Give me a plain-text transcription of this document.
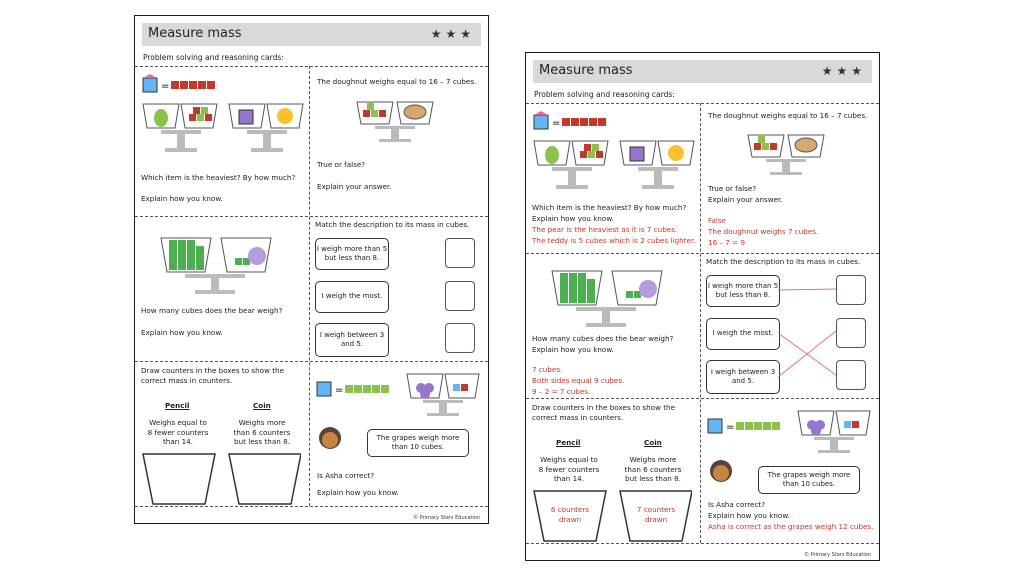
Measure mass	★★★
Problem solving and reasoning cards:
=
Which item is the heaviest? By how much?
Explain how you know.
The doughnut weighs equal to 16 – 7 cubes.
True or false?
Explain your answer.
How many cubes does the bear weigh?
Explain how you know.
Match the description to its mass in cubes.
I weigh more than 5 but less than 8.
I weigh the most.
I weigh between 3 and 5.
Draw counters in the boxes to show the
correct mass in counters.
Pencil
Weighs equal to
8 fewer counters
than 14.
Coin
Weighs more
than 6 counters
but less than 8.
=
The grapes weigh more than 10 cubes.
Is Asha correct?
Explain how you know.
© Primary Stars Education
Measure mass	★★★
Problem solving and reasoning cards:
=
Which item is the heaviest? By how much?
Explain how you know.
The pear is the heaviest as it is 7 cubes.
The teddy is 5 cubes which is 2 cubes lighter.
The doughnut weighs equal to 16 – 7 cubes.
True or false?
Explain your answer.
False
The doughnut weighs 7 cubes.
16 – 7 = 9
How many cubes does the bear weigh?
Explain how you know.
7 cubes.
Both sides equal 9 cubes.
9 – 2 = 7 cubes.
Match the description to its mass in cubes.
I weigh more than 5 but less than 8.
I weigh the most.
I weigh between 3 and 5.
Draw counters in the boxes to show the
correct mass in counters.
Pencil
Weighs equal to
8 fewer counters
than 14.
Coin
Weighs more
than 6 counters
but less than 8.
6 counters
drawn
7 counters
drawn
=
The grapes weigh more than 10 cubes.
Is Asha correct?
Explain how you know.
Asha is correct as the grapes weigh 12 cubes.
© Primary Stars Education
